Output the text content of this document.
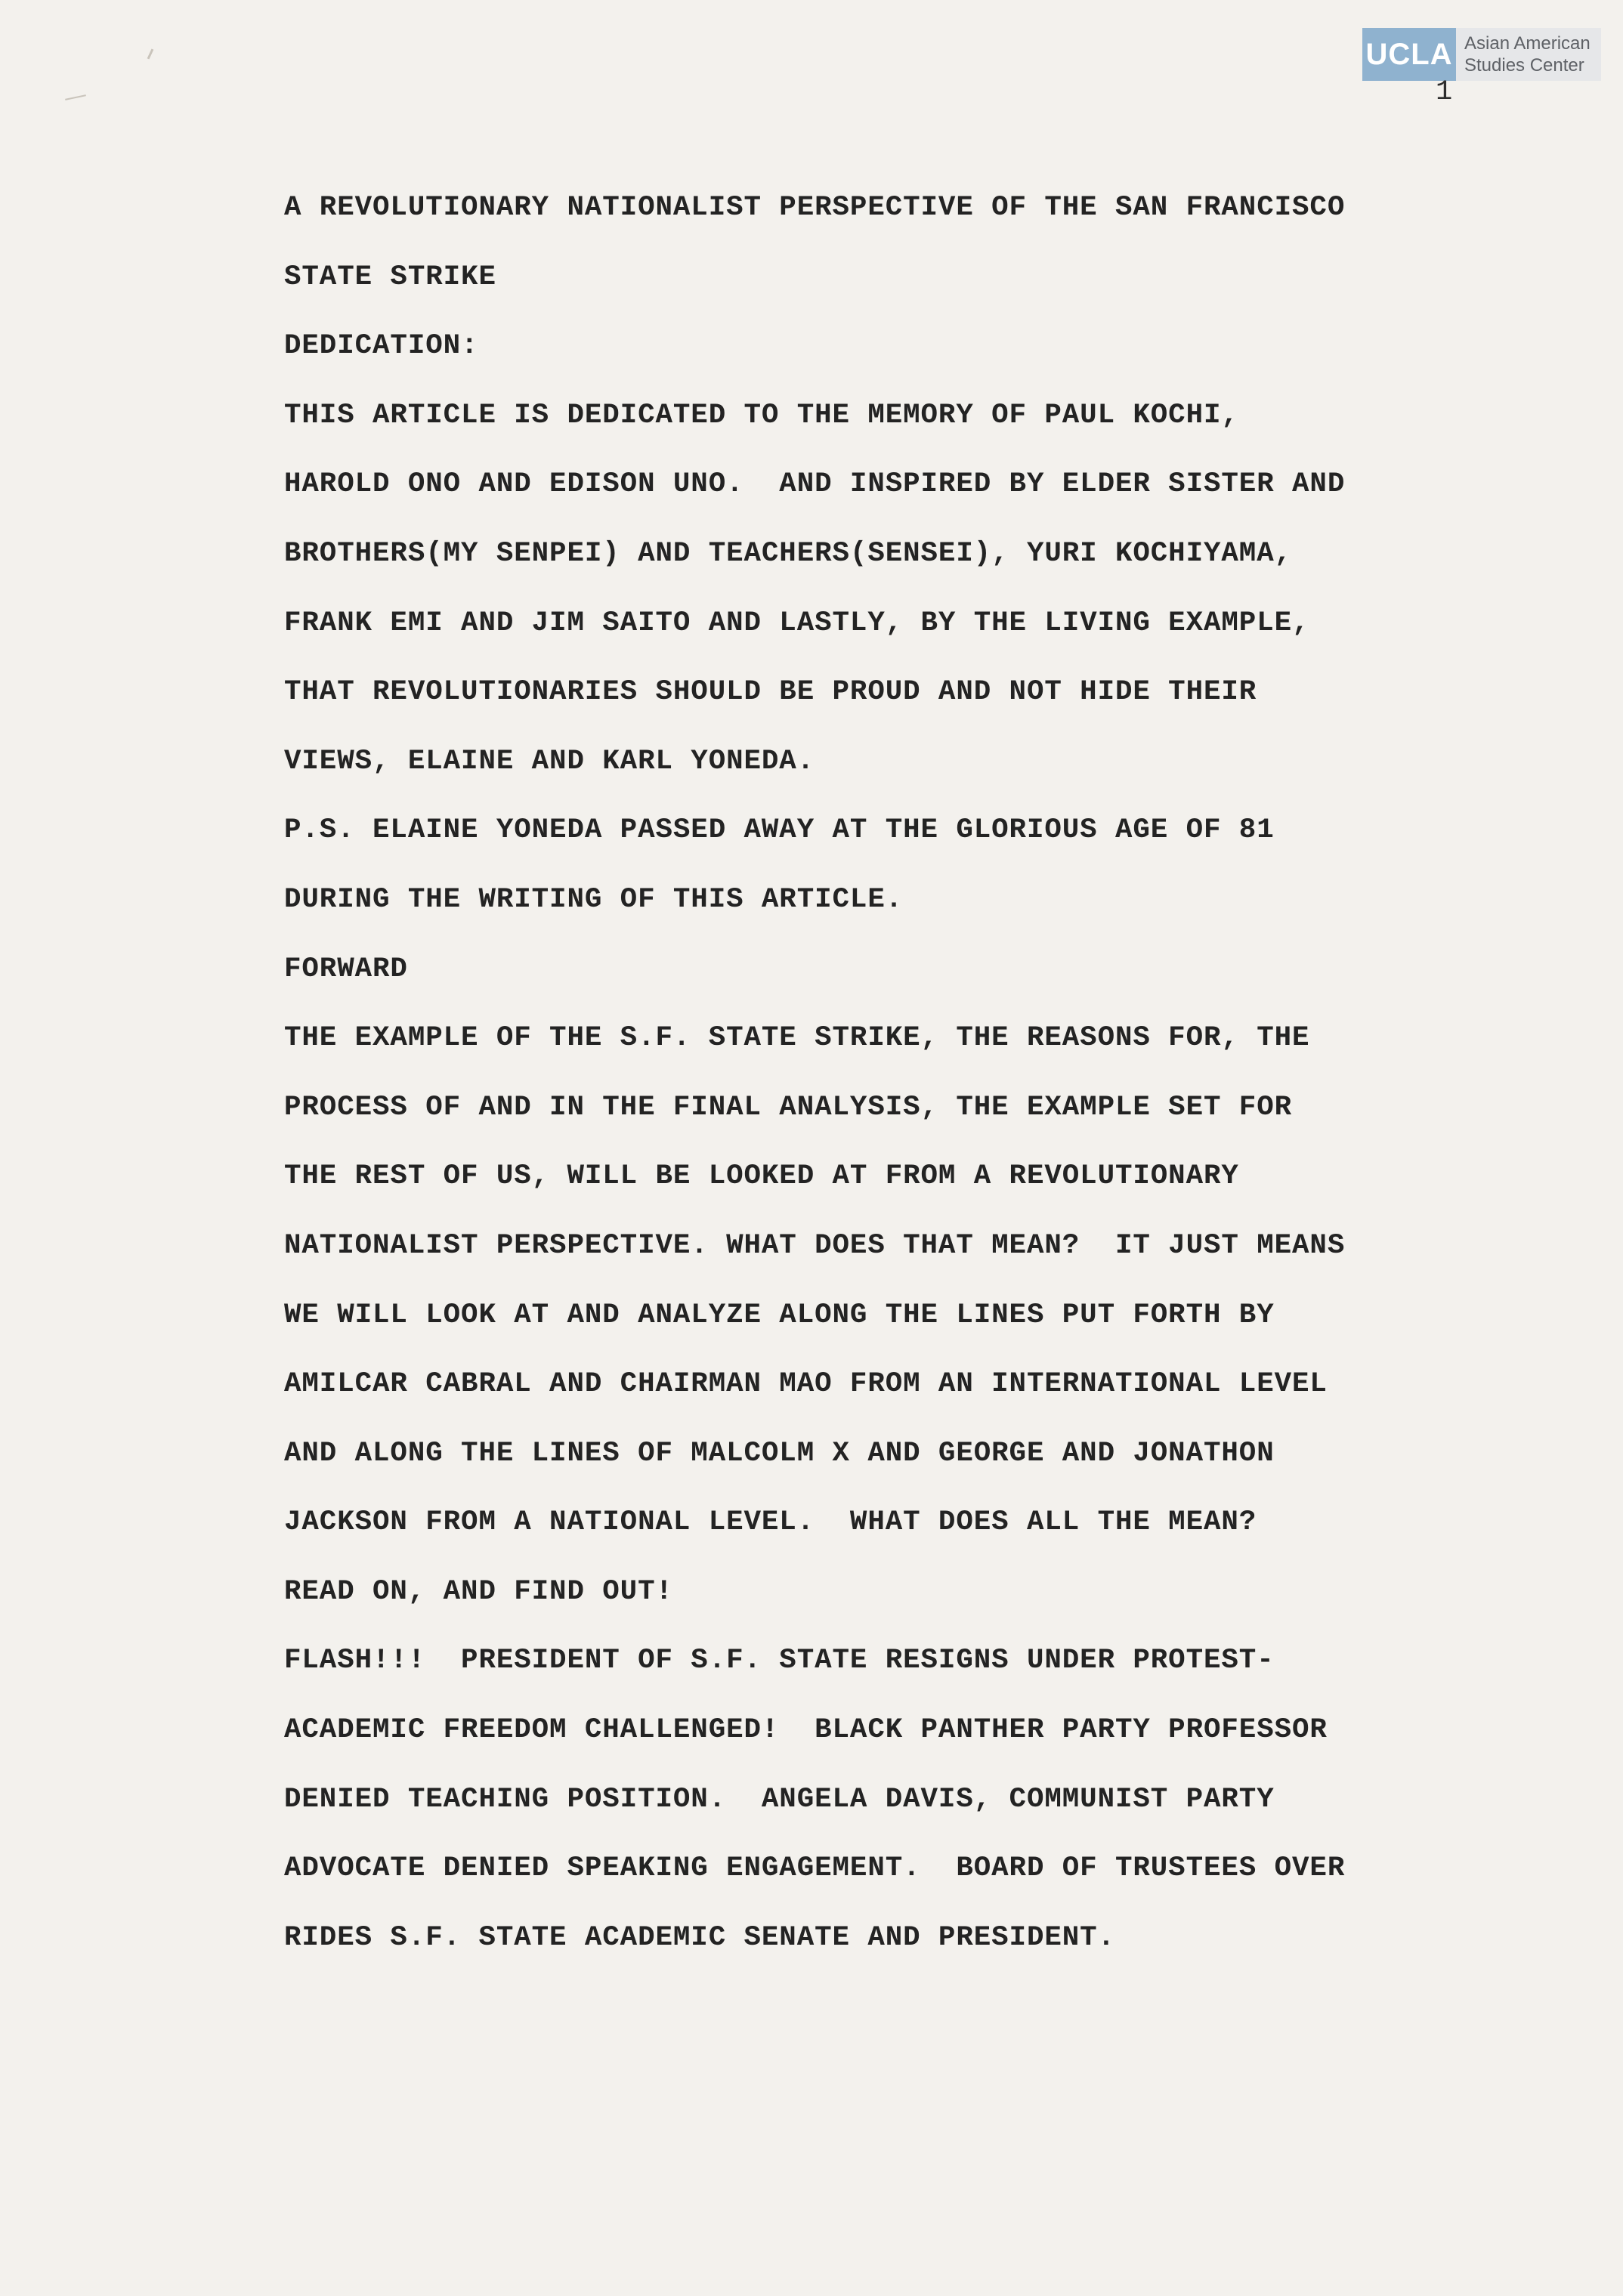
UCLA Asian American
Studies Center
1
A REVOLUTIONARY NATIONALIST PERSPECTIVE OF THE SAN FRANCISCO
STATE STRIKE
DEDICATION:
THIS ARTICLE IS DEDICATED TO THE MEMORY OF PAUL KOCHI,
HAROLD ONO AND EDISON UNO.  AND INSPIRED BY ELDER SISTER AND
BROTHERS(MY SENPEI) AND TEACHERS(SENSEI), YURI KOCHIYAMA,
FRANK EMI AND JIM SAITO AND LASTLY, BY THE LIVING EXAMPLE,
THAT REVOLUTIONARIES SHOULD BE PROUD AND NOT HIDE THEIR
VIEWS, ELAINE AND KARL YONEDA.
P.S. ELAINE YONEDA PASSED AWAY AT THE GLORIOUS AGE OF 81
DURING THE WRITING OF THIS ARTICLE.
FORWARD
THE EXAMPLE OF THE S.F. STATE STRIKE, THE REASONS FOR, THE
PROCESS OF AND IN THE FINAL ANALYSIS, THE EXAMPLE SET FOR
THE REST OF US, WILL BE LOOKED AT FROM A REVOLUTIONARY
NATIONALIST PERSPECTIVE. WHAT DOES THAT MEAN?  IT JUST MEANS
WE WILL LOOK AT AND ANALYZE ALONG THE LINES PUT FORTH BY
AMILCAR CABRAL AND CHAIRMAN MAO FROM AN INTERNATIONAL LEVEL
AND ALONG THE LINES OF MALCOLM X AND GEORGE AND JONATHON
JACKSON FROM A NATIONAL LEVEL.  WHAT DOES ALL THE MEAN?
READ ON, AND FIND OUT!
FLASH!!!  PRESIDENT OF S.F. STATE RESIGNS UNDER PROTEST-
ACADEMIC FREEDOM CHALLENGED!  BLACK PANTHER PARTY PROFESSOR
DENIED TEACHING POSITION.  ANGELA DAVIS, COMMUNIST PARTY
ADVOCATE DENIED SPEAKING ENGAGEMENT.  BOARD OF TRUSTEES OVER
RIDES S.F. STATE ACADEMIC SENATE AND PRESIDENT.
